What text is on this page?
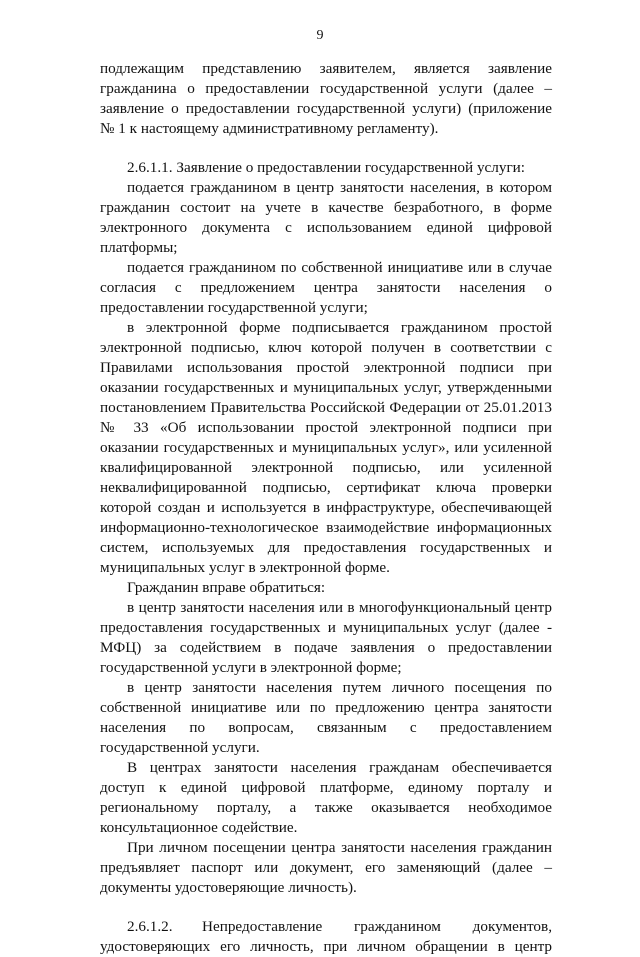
9

подлежащим представлению заявителем, является заявление гражданина о предоставлении государственной услуги (далее – заявление о предоставлении государственной услуги) (приложение № 1 к настоящему административному регламенту).

2.6.1.1. Заявление о предоставлении государственной услуги:

подается гражданином в центр занятости населения, в котором гражданин состоит на учете в качестве безработного, в форме электронного документа с использованием единой цифровой платформы;

подается гражданином по собственной инициативе или в случае согласия с предложением центра занятости населения о предоставлении государственной услуги;

в электронной форме подписывается гражданином простой электронной подписью, ключ которой получен в соответствии с Правилами использования простой электронной подписи при оказании государственных и муниципальных услуг, утвержденными постановлением Правительства Российской Федерации от 25.01.2013 № 33 «Об использовании простой электронной подписи при оказании государственных и муниципальных услуг», или усиленной квалифицированной электронной подписью, или усиленной неквалифицированной подписью, сертификат ключа проверки которой создан и используется в инфраструктуре, обеспечивающей информационно-технологическое взаимодействие информационных систем, используемых для предоставления государственных и муниципальных услуг в электронной форме.

Гражданин вправе обратиться:

в центр занятости населения или в многофункциональный центр предоставления государственных и муниципальных услуг (далее - МФЦ) за содействием в подаче заявления о предоставлении государственной услуги в электронной форме;

в центр занятости населения путем личного посещения по собственной инициативе или по предложению центра занятости населения по вопросам, связанным с предоставлением государственной услуги.

В центрах занятости населения гражданам обеспечивается доступ к единой цифровой платформе, единому порталу и региональному порталу, а также оказывается необходимое консультационное содействие.

При личном посещении центра занятости населения гражданин предъявляет паспорт или документ, его заменяющий (далее – документы удостоверяющие личность).

2.6.1.2.	Непредоставление гражданином документов,

удостоверяющих его личность, при личном обращении в центр
